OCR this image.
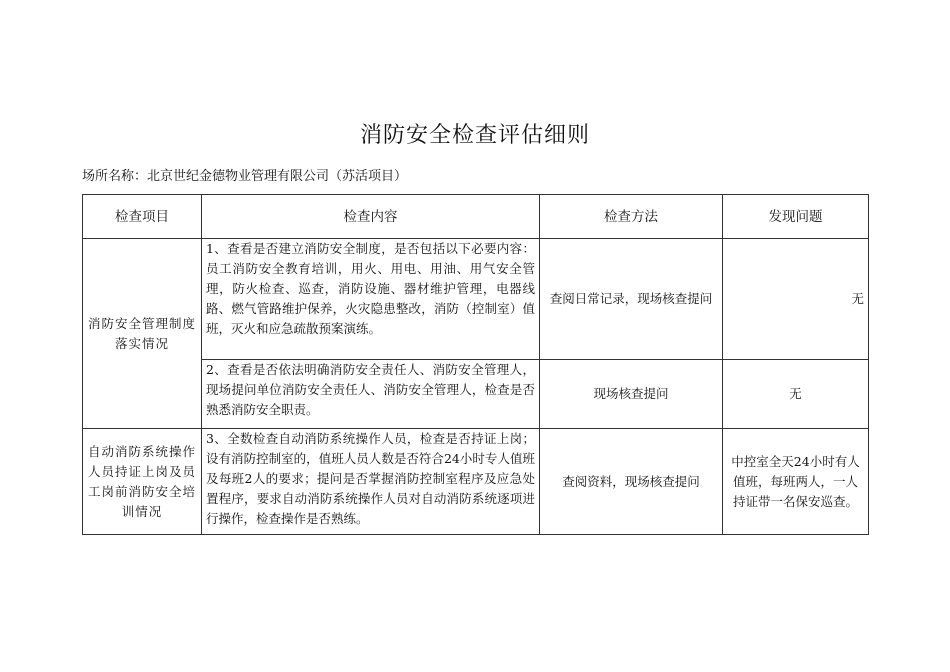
消防安全检查评估细则
场所名称：北京世纪金德物业管理有限公司（苏活项目）
检查项目	检查内容	检查方法	发现问题
消防安全管理制度落实情况	1、查看是否建立消防安全制度，是否包括以下必要内容：员工消防安全教育培训，用火、用电、用油、用气安全管理，防火检查、巡查，消防设施、器材维护管理，电器线路、燃气管路维护保养，火灾隐患整改，消防（控制室）值班，灭火和应急疏散预案演练。	查阅日常记录，现场核查提问	无
	2、查看是否依法明确消防安全责任人、消防安全管理人，现场提问单位消防安全责任人、消防安全管理人，检查是否熟悉消防安全职责。	现场核查提问	无
自动消防系统操作人员持证上岗及员工岗前消防安全培训情况	3、全数检查自动消防系统操作人员，检查是否持证上岗；设有消防控制室的，值班人员人数是否符合24小时专人值班及每班2人的要求；提问是否掌握消防控制室程序及应急处置程序，要求自动消防系统操作人员对自动消防系统逐项进行操作，检查操作是否熟练。	查阅资料，现场核查提问	中控室全天24小时有人值班，每班两人，一人持证带一名保安巡查。
